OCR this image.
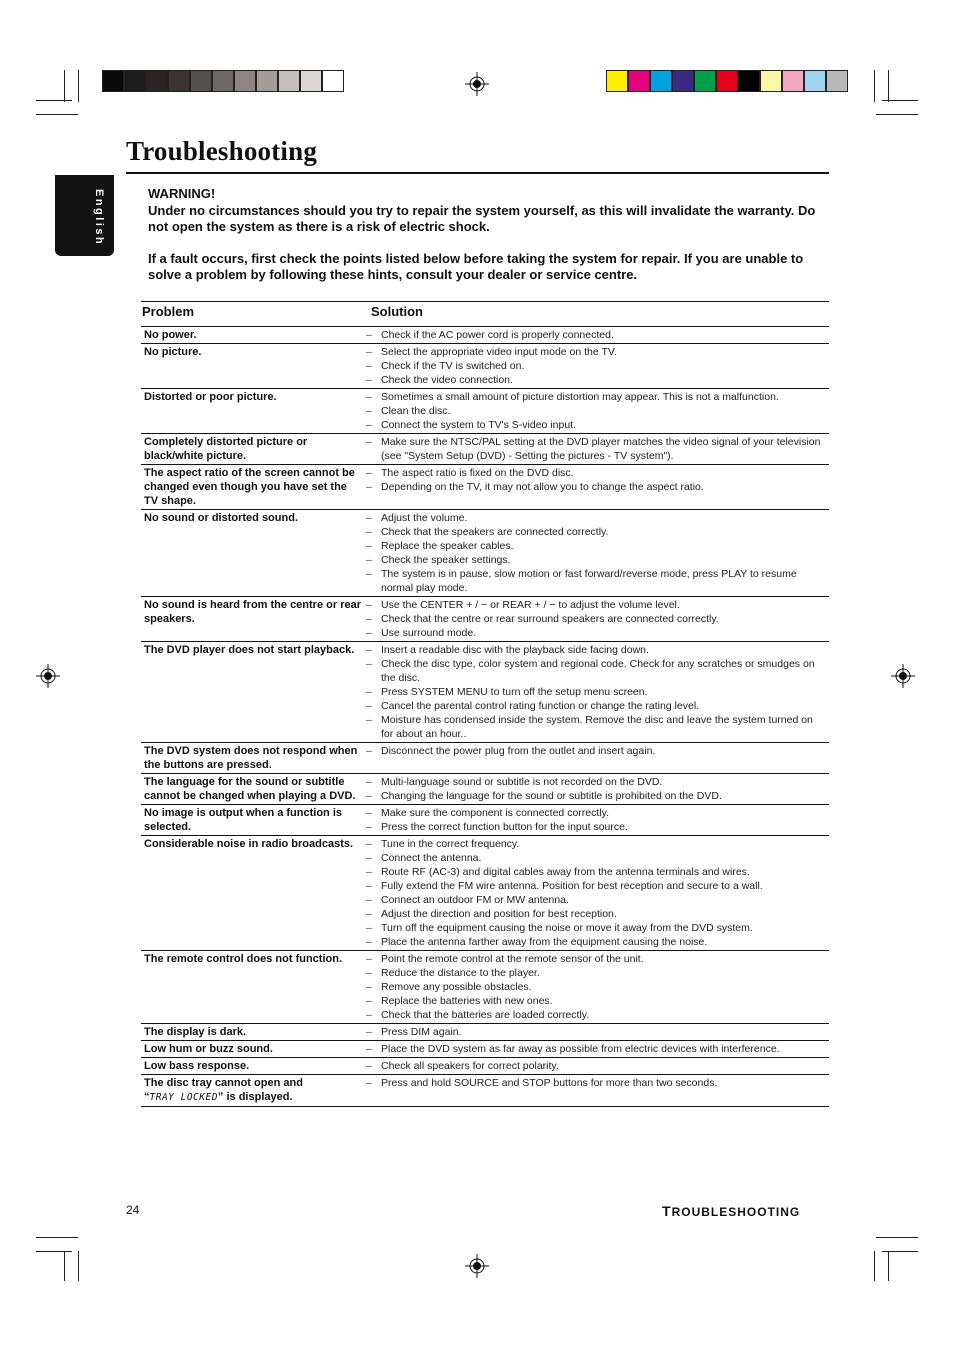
Troubleshooting
English	WARNING!
Under no circumstances should you try to repair the system yourself, as this will invalidate the warranty. Do not open the system as there is a risk of electric shock.
If a fault occurs, first check the points listed below before taking the system for repair. If you are unable to solve a problem by following these hints, consult your dealer or service centre.
Problem	Solution
No power.	– Check if the AC power cord is properly connected.
No picture.	– Select the appropriate video input mode on the TV.
– Check if the TV is switched on.
– Check the video connection.
Distorted or poor picture.	– Sometimes a small amount of picture distortion may appear. This is not a malfunction.
– Clean the disc.
– Connect the system to TV's S-video input.
Completely distorted picture or black/white picture.
– Make sure the NTSC/PAL setting at the DVD player matches the video signal of your television (see "System Setup (DVD) - Setting the pictures - TV system").
The aspect ratio of the screen cannot be changed even though you have set the TV shape.
– The aspect ratio is fixed on the DVD disc.
– Depending on the TV, it may not allow you to change the aspect ratio.
No sound or distorted sound.	– Adjust the volume.
– Check that the speakers are connected correctly.
– Replace the speaker cables.
– Check the speaker settings.
– The system is in pause, slow motion or fast forward/reverse mode, press PLAY to resume normal play mode.
No sound is heard from the centre or rear speakers.
– Use the CENTER + / − or REAR + / − to adjust the volume level.
– Check that the centre or rear surround speakers are connected correctly.
– Use surround mode.
The DVD player does not start playback.	– Insert a readable disc with the playback side facing down.
– Check the disc type, color system and regional code. Check for any scratches or smudges on the disc.
– Press SYSTEM MENU to turn off the setup menu screen.
– Cancel the parental control rating function or change the rating level.
– Moisture has condensed inside the system. Remove the disc and leave the system turned on for about an hour..
The DVD system does not respond when the buttons are pressed.
– Disconnect the power plug from the outlet and insert again.
The language for the sound or subtitle cannot be changed when playing a DVD.
– Multi-language sound or subtitle is not recorded on the DVD.
– Changing the language for the sound or subtitle is prohibited on the DVD.
No image is output when a function is selected.
– Make sure the component is connected correctly.
– Press the correct function button for the input source.
Considerable noise in radio broadcasts.	– Tune in the correct frequency.
– Connect the antenna.
– Route RF (AC-3) and digital cables away from the antenna terminals and wires.
– Fully extend the FM wire antenna. Position for best reception and secure to a wall.
– Connect an outdoor FM or MW antenna.
– Adjust the direction and position for best reception.
– Turn off the equipment causing the noise or move it away from the DVD system.
– Place the antenna farther away from the equipment causing the noise.
The remote control does not function.	– Point the remote control at the remote sensor of the unit.
– Reduce the distance to the player.
– Remove any possible obstacles.
– Replace the batteries with new ones.
– Check that the batteries are loaded correctly.
The display is dark.	– Press DIM again.
Low hum or buzz sound.	– Place the DVD system as far away as possible from electric devices with interference.
Low bass response.	– Check all speakers for correct polarity.
The disc tray cannot open and
“TRAY LOCKED” is displayed.
– Press and hold SOURCE and STOP buttons for more than two seconds.
24	TROUBLESHOOTING
